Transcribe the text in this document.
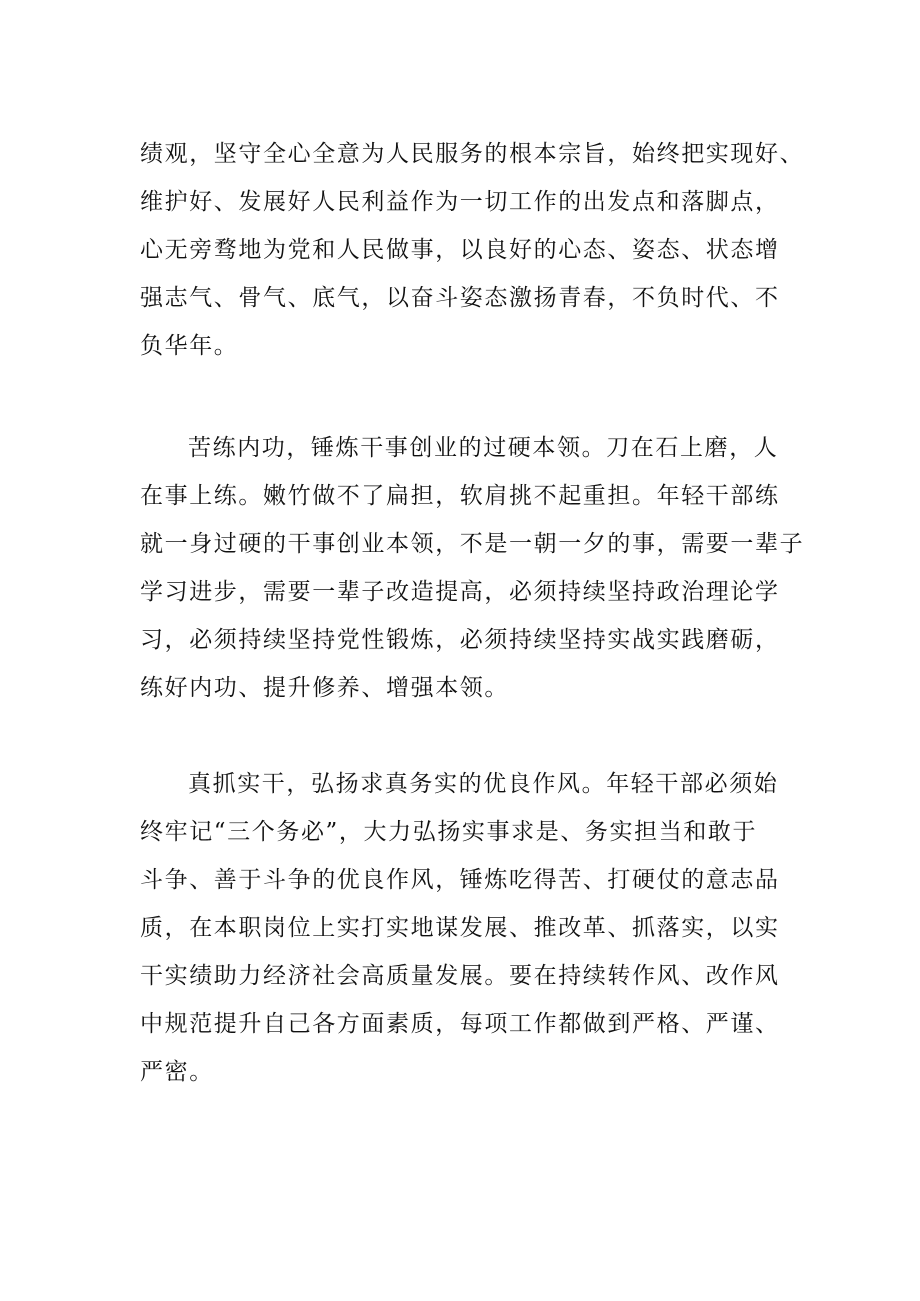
绩观，坚守全心全意为人民服务的根本宗旨，始终把实现好、
维护好、发展好人民利益作为一切工作的出发点和落脚点，
心无旁骛地为党和人民做事，以良好的心态、姿态、状态增
强志气、骨气、底气，以奋斗姿态激扬青春，不负时代、不
负华年。
苦练内功，锤炼干事创业的过硬本领。刀在石上磨，人
在事上练。嫩竹做不了扁担，软肩挑不起重担。年轻干部练
就一身过硬的干事创业本领，不是一朝一夕的事，需要一辈子
学习进步，需要一辈子改造提高，必须持续坚持政治理论学
习，必须持续坚持党性锻炼，必须持续坚持实战实践磨砺，
练好内功、提升修养、增强本领。
真抓实干，弘扬求真务实的优良作风。年轻干部必须始
终牢记“三个务必”，大力弘扬实事求是、务实担当和敢于
斗争、善于斗争的优良作风，锤炼吃得苦、打硬仗的意志品
质，在本职岗位上实打实地谋发展、推改革、抓落实，以实
干实绩助力经济社会高质量发展。要在持续转作风、改作风
中规范提升自己各方面素质，每项工作都做到严格、严谨、
严密。
